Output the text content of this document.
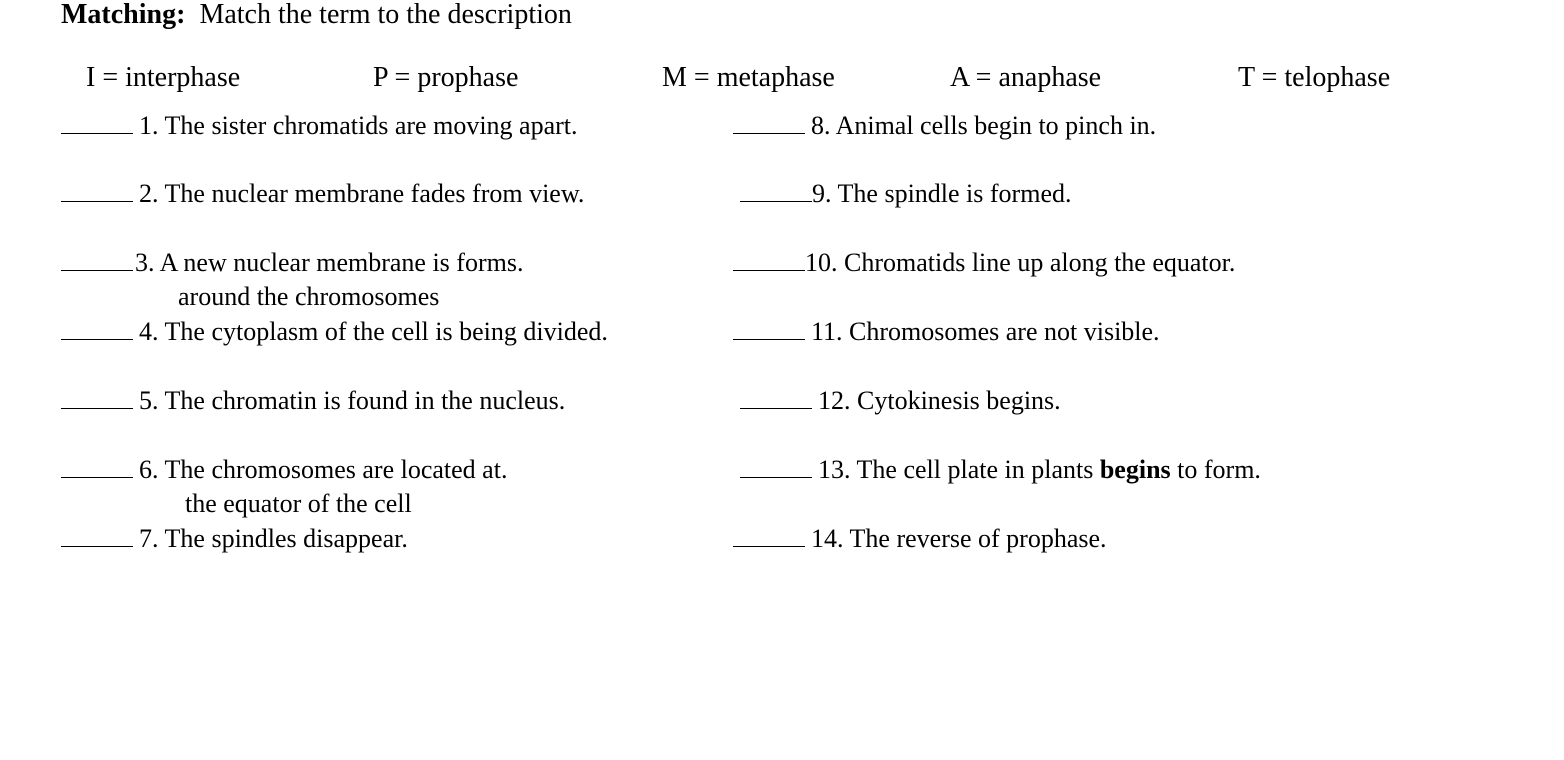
Matching: Match the term to the description
I = interphase	P = prophase	M = metaphase	A = anaphase	T = telophase
1. The sister chromatids are moving apart.
2. The nuclear membrane fades from view.
3. A new nuclear membrane is forms.
around the chromosomes
4. The cytoplasm of the cell is being divided.
5. The chromatin is found in the nucleus.
6. The chromosomes are located at.
the equator of the cell
7. The spindles disappear.
8. Animal cells begin to pinch in.
9. The spindle is formed.
10. Chromatids line up along the equator.
11. Chromosomes are not visible.
12. Cytokinesis begins.
13. The cell plate in plants begins to form.
14. The reverse of prophase.
